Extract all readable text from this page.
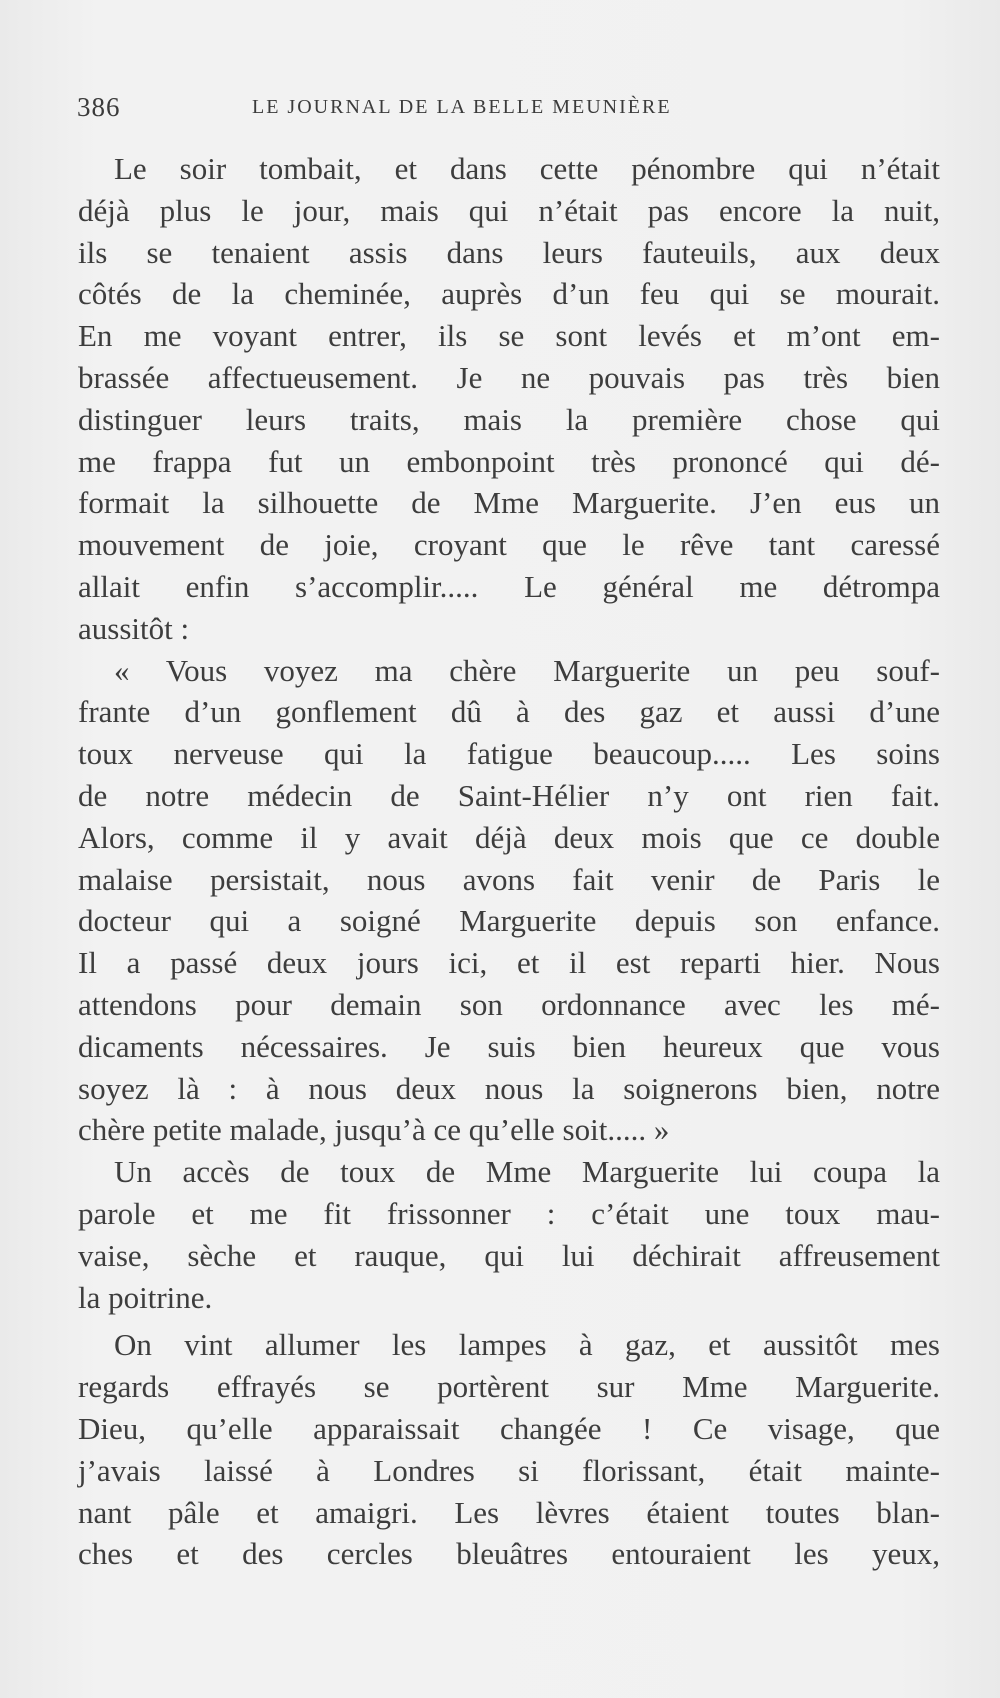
386	LE JOURNAL DE LA BELLE MEUNIÈRE
Le soir tombait, et dans cette pénombre qui n’était
déjà plus le jour, mais qui n’était pas encore la nuit,
ils se tenaient assis dans leurs fauteuils, aux deux
côtés de la cheminée, auprès d’un feu qui se mourait.
En me voyant entrer, ils se sont levés et m’ont em-
brassée affectueusement. Je ne pouvais pas très bien
distinguer leurs traits, mais la première chose qui
me frappa fut un embonpoint très prononcé qui dé-
formait la silhouette de Mme Marguerite. J’en eus un
mouvement de joie, croyant que le rêve tant caressé
allait enfin s’accomplir..... Le général me détrompa
aussitôt :
« Vous voyez ma chère Marguerite un peu souf-
frante d’un gonflement dû à des gaz et aussi d’une
toux nerveuse qui la fatigue beaucoup..... Les soins
de notre médecin de Saint-Hélier n’y ont rien fait.
Alors, comme il y avait déjà deux mois que ce double
malaise persistait, nous avons fait venir de Paris le
docteur qui a soigné Marguerite depuis son enfance.
Il a passé deux jours ici, et il est reparti hier. Nous
attendons pour demain son ordonnance avec les mé-
dicaments nécessaires. Je suis bien heureux que vous
soyez là : à nous deux nous la soignerons bien, notre
chère petite malade, jusqu’à ce qu’elle soit..... »
Un accès de toux de Mme Marguerite lui coupa la
parole et me fit frissonner : c’était une toux mau-
vaise, sèche et rauque, qui lui déchirait affreusement
la poitrine.
On vint allumer les lampes à gaz, et aussitôt mes
regards effrayés se portèrent sur Mme Marguerite.
Dieu, qu’elle apparaissait changée ! Ce visage, que
j’avais laissé à Londres si florissant, était mainte-
nant pâle et amaigri. Les lèvres étaient toutes blan-
ches et des cercles bleuâtres entouraient les yeux,
